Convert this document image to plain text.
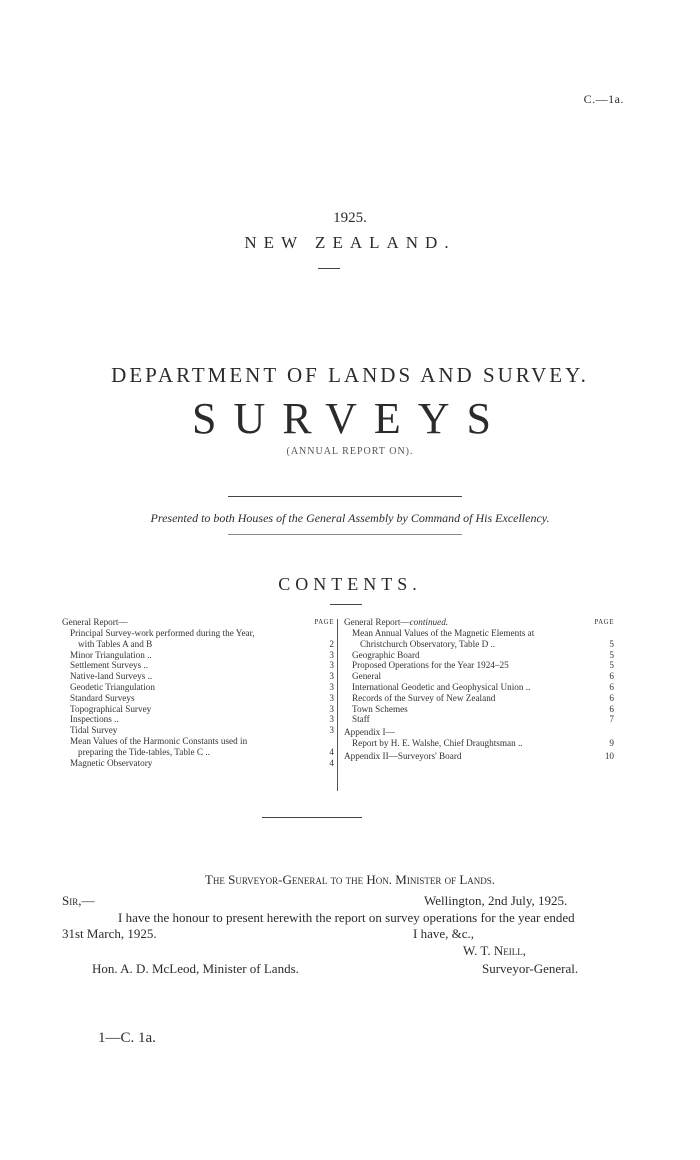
C.—1a.
1925.
NEW ZEALAND.
DEPARTMENT OF LANDS AND SURVEY.
SURVEYS
(ANNUAL REPORT ON).
Presented to both Houses of the General Assembly by Command of His Excellency.
CONTENTS.
General Report—	PAGE
Principal Survey-work performed during the Year,
with Tables A and B	2
Minor Triangulation ..	3
Settlement Surveys ..	3
Native-land Surveys ..	3
Geodetic Triangulation	3
Standard Surveys	3
Topographical Survey	3
Inspections ..	3
Tidal Survey	3
Mean Values of the Harmonic Constants used in
preparing the Tide-tables, Table C ..	4
Magnetic Observatory	4
General Report—continued.	PAGE
Mean Annual Values of the Magnetic Elements at
Christchurch Observatory, Table D ..	5
Geographic Board	5
Proposed Operations for the Year 1924–25	5
General	6
International Geodetic and Geophysical Union ..	6
Records of the Survey of New Zealand	6
Town Schemes	6
Staff	7
Appendix I—
Report by H. E. Walshe, Chief Draughtsman ..	9
Appendix II—Surveyors' Board	10
The Surveyor-General to the Hon. Minister of Lands.
Sir,—	Wellington, 2nd July, 1925.
I have the honour to present herewith the report on survey operations for the year ended
31st March, 1925.	I have, &c.,
W. T. Neill,
Surveyor-General.
Hon. A. D. McLeod, Minister of Lands.
1—C. 1a.
